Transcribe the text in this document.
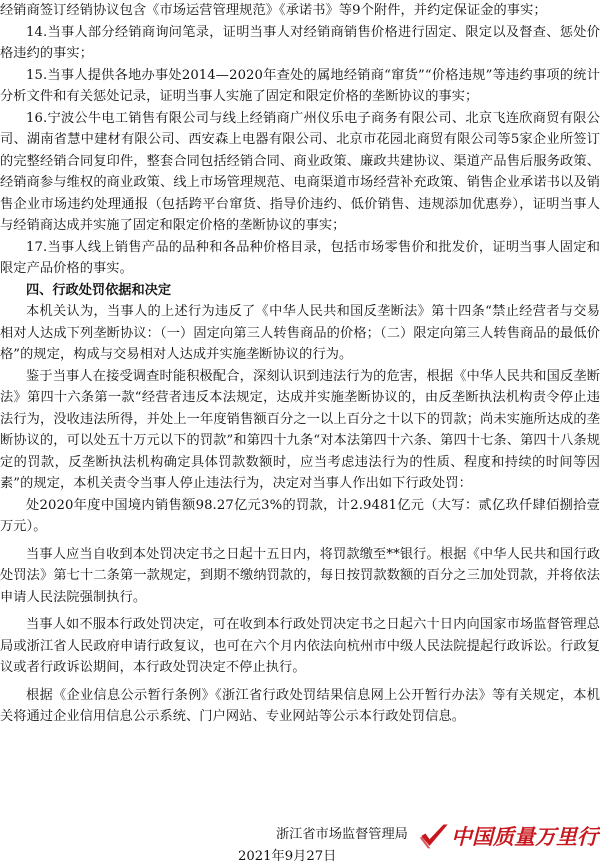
经销商签订经销协议包含《市场运营管理规范》《承诺书》等9个附件，并约定保证金的事实；

14.当事人部分经销商询问笔录，证明当事人对经销商销售价格进行固定、限定以及督查、惩处价格违约的事实；

15.当事人提供各地办事处2014—2020年查处的属地经销商“窜货”“价格违规”等违约事项的统计分析文件和有关惩处记录，证明当事人实施了固定和限定价格的垄断协议的事实；

16.宁波公牛电工销售有限公司与线上经销商广州仪乐电子商务有限公司、北京飞连欣商贸有限公司、湖南省慧中建材有限公司、西安森上电器有限公司、北京市花园北商贸有限公司等5家企业所签订的完整经销合同复印件，整套合同包括经销合同、商业政策、廉政共建协议、渠道产品售后服务政策、经销商参与维权的商业政策、线上市场管理规范、电商渠道市场经营补充政策、销售企业承诺书以及销售企业市场违约处理通报（包括跨平台窜货、指导价违约、低价销售、违规添加优惠券），证明当事人与经销商达成并实施了固定和限定价格的垄断协议的事实；

17.当事人线上销售产品的品种和各品种价格目录，包括市场零售价和批发价，证明当事人固定和限定产品价格的事实。

四、行政处罚依据和决定

本机关认为，当事人的上述行为违反了《中华人民共和国反垄断法》第十四条“禁止经营者与交易相对人达成下列垄断协议：（一）固定向第三人转售商品的价格；（二）限定向第三人转售商品的最低价格”的规定，构成与交易相对人达成并实施垄断协议的行为。

鉴于当事人在接受调查时能积极配合，深刻认识到违法行为的危害，根据《中华人民共和国反垄断法》第四十六条第一款“经营者违反本法规定，达成并实施垄断协议的，由反垄断执法机构责令停止违法行为，没收违法所得，并处上一年度销售额百分之一以上百分之十以下的罚款；尚未实施所达成的垄断协议的，可以处五十万元以下的罚款”和第四十九条“对本法第四十六条、第四十七条、第四十八条规定的罚款，反垄断执法机构确定具体罚款数额时，应当考虑违法行为的性质、程度和持续的时间等因素”的规定，本机关责令当事人停止违法行为，决定对当事人作出如下行政处罚：

处2020年度中国境内销售额98.27亿元3%的罚款，计2.9481亿元（大写：贰亿玖仟肆佰捌拾壹万元）。

当事人应当自收到本处罚决定书之日起十五日内，将罚款缴至**银行。根据《中华人民共和国行政处罚法》第七十二条第一款规定，到期不缴纳罚款的，每日按罚款数额的百分之三加处罚款，并将依法申请人民法院强制执行。

当事人如不服本行政处罚决定，可在收到本行政处罚决定书之日起六十日内向国家市场监督管理总局或浙江省人民政府申请行政复议，也可在六个月内依法向杭州市中级人民法院提起行政诉讼。行政复议或者行政诉讼期间，本行政处罚决定不停止执行。

根据《企业信息公示暂行条例》《浙江省行政处罚结果信息网上公开暂行办法》等有关规定，本机关将通过企业信用信息公示系统、门户网站、专业网站等公示本行政处罚信息。

浙江省市场监督管理局
2021年9月27日
中国质量万里行
